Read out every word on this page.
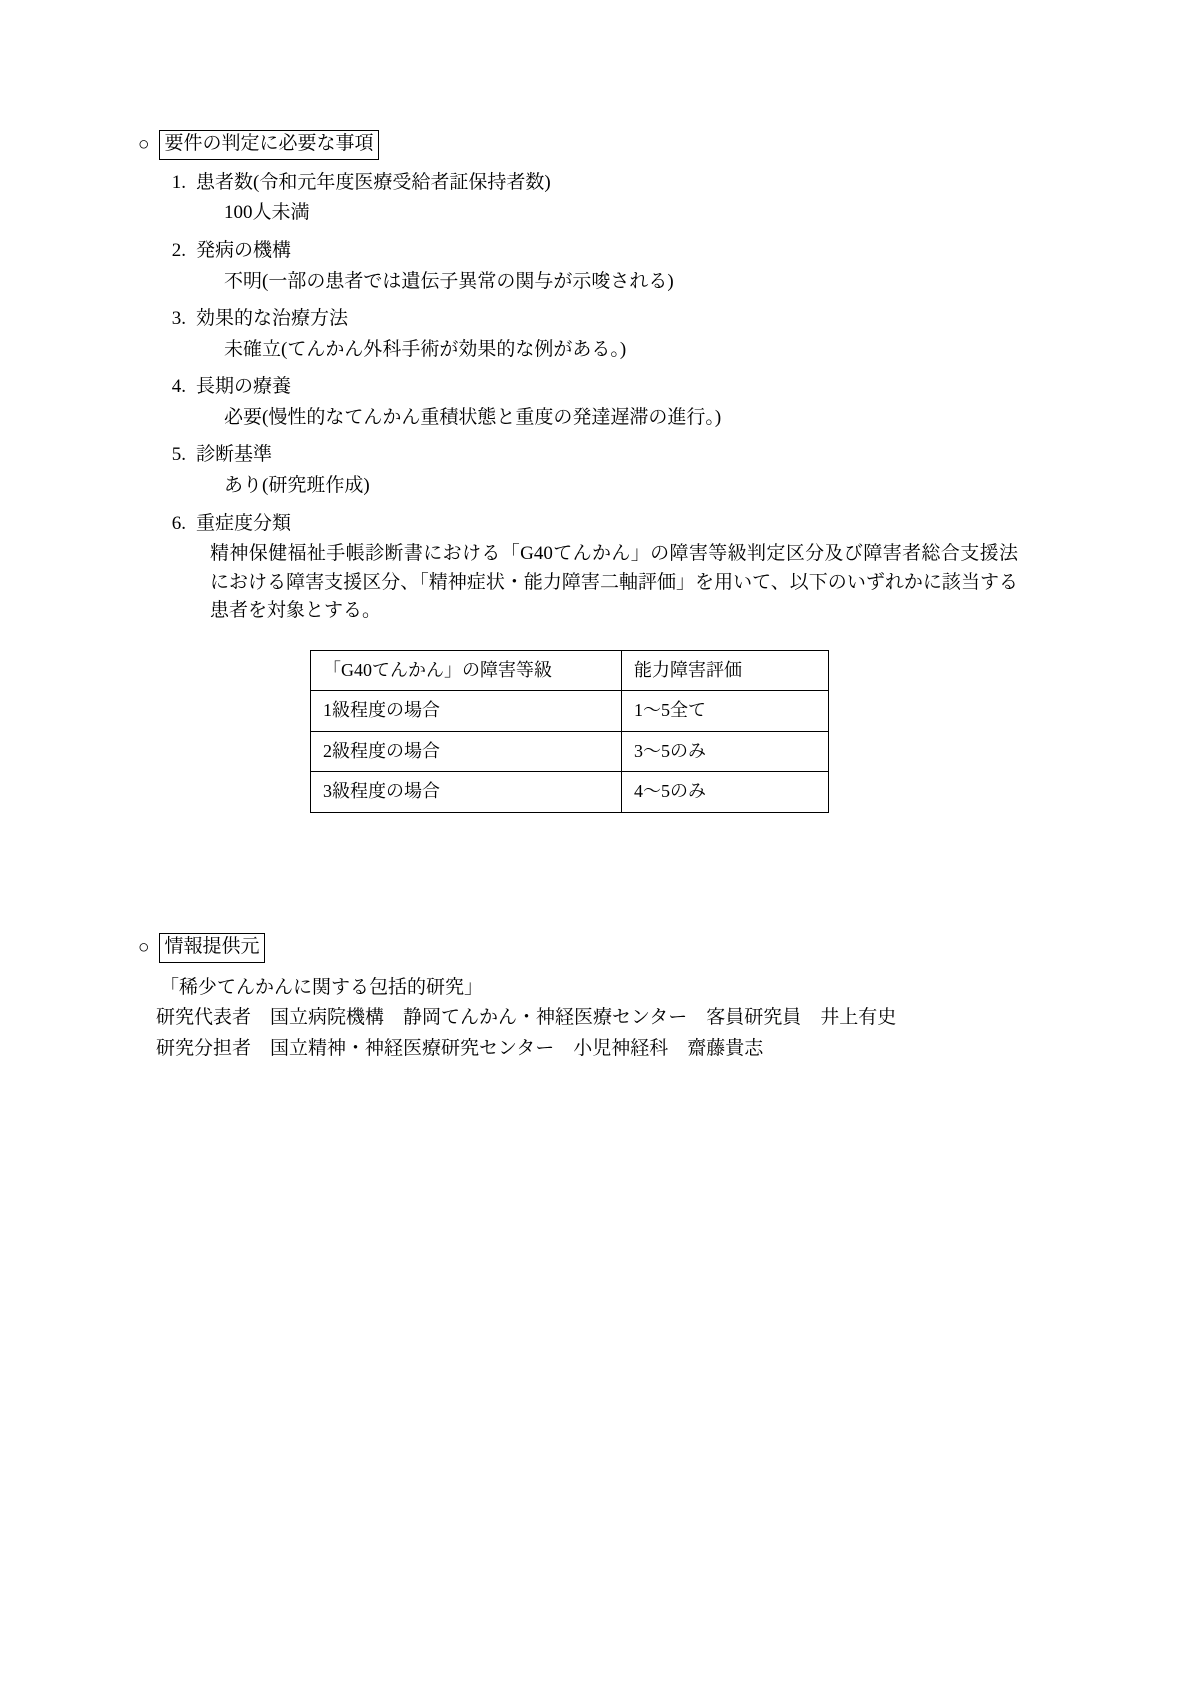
○ 要件の判定に必要な事項
1. 患者数(令和元年度医療受給者証保持者数)
100人未満
2. 発病の機構
不明(一部の患者では遺伝子異常の関与が示唆される)
3. 効果的な治療方法
未確立(てんかん外科手術が効果的な例がある。)
4. 長期の療養
必要(慢性的なてんかん重積状態と重度の発達遅滞の進行。)
5. 診断基準
あり(研究班作成)
6. 重症度分類
精神保健福祉手帳診断書における「G40てんかん」の障害等級判定区分及び障害者総合支援法における障害支援区分、「精神症状・能力障害二軸評価」を用いて、以下のいずれかに該当する患者を対象とする。
「G40てんかん」の障害等級	能力障害評価
1級程度の場合	1〜5全て
2級程度の場合	3〜5のみ
3級程度の場合	4〜5のみ
○ 情報提供元
「稀少てんかんに関する包括的研究」
研究代表者　国立病院機構　静岡てんかん・神経医療センター　客員研究員　井上有史
研究分担者　国立精神・神経医療研究センター　小児神経科　齋藤貴志
